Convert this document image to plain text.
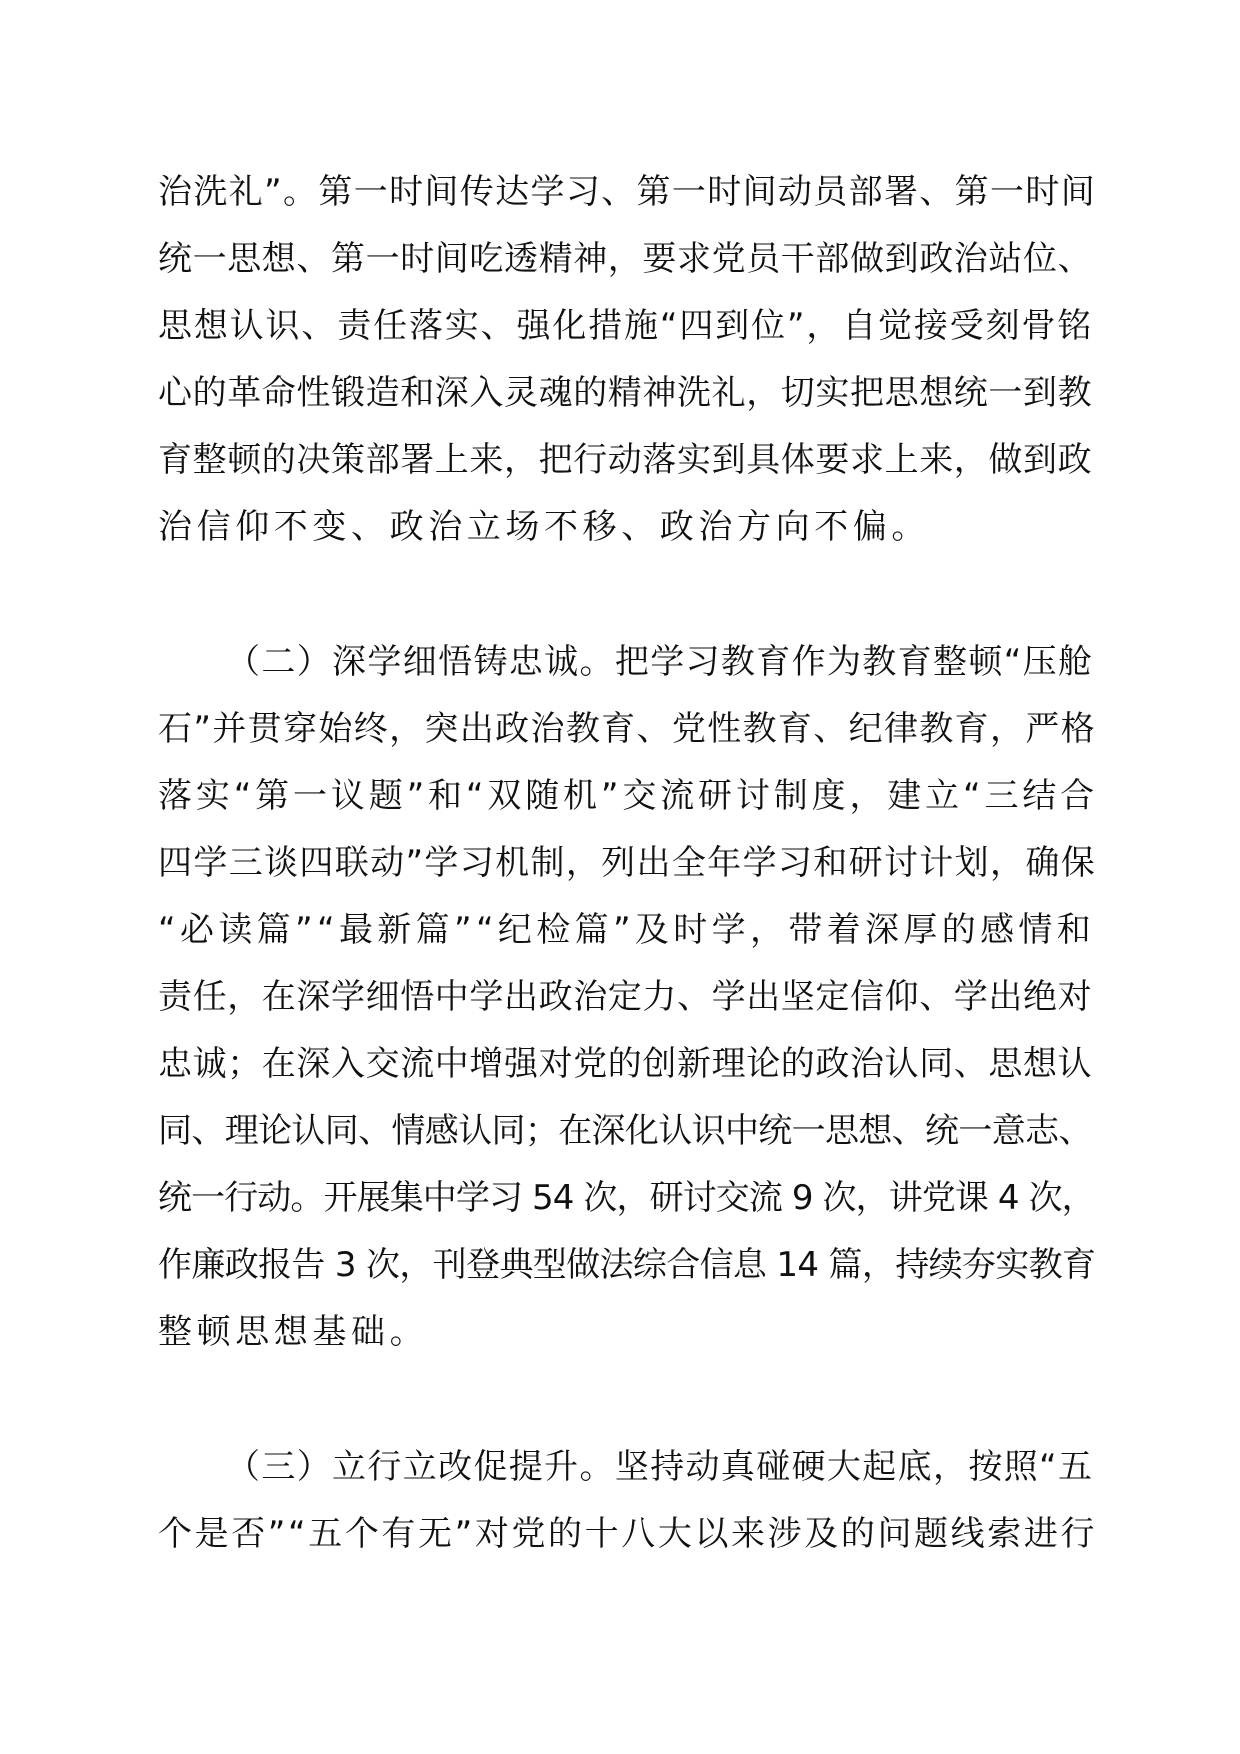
治洗礼”。第一时间传达学习、第一时间动员部署、第一时间
统一思想、第一时间吃透精神，要求党员干部做到政治站位、
思想认识、责任落实、强化措施“四到位”，自觉接受刻骨铭
心的革命性锻造和深入灵魂的精神洗礼，切实把思想统一到教
育整顿的决策部署上来，把行动落实到具体要求上来，做到政
治信仰不变、政治立场不移、政治方向不偏。
（二）深学细悟铸忠诚。把学习教育作为教育整顿“压舱
石”并贯穿始终，突出政治教育、党性教育、纪律教育，严格
落实“第一议题”和“双随机”交流研讨制度，建立“三结合
四学三谈四联动”学习机制，列出全年学习和研讨计划，确保
“必读篇”“最新篇”“纪检篇”及时学，带着深厚的感情和
责任，在深学细悟中学出政治定力、学出坚定信仰、学出绝对
忠诚；在深入交流中增强对党的创新理论的政治认同、思想认
同、理论认同、情感认同；在深化认识中统一思想、统一意志、
统一行动。开展集中学习 54 次，研讨交流 9 次，讲党课 4 次，
作廉政报告 3 次，刊登典型做法综合信息 14 篇，持续夯实教育
整顿思想基础。
（三）立行立改促提升。坚持动真碰硬大起底，按照“五
个是否”“五个有无”对党的十八大以来涉及的问题线索进行
